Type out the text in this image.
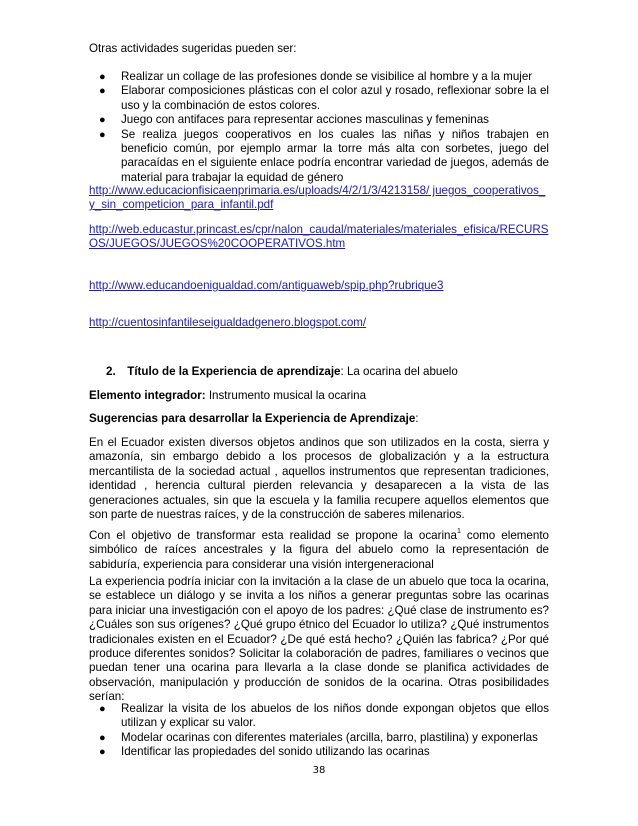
Otras actividades sugeridas pueden ser:

● Realizar un collage de las profesiones donde se visibilice al hombre y a la mujer
● Elaborar composiciones plásticas con el color azul y rosado, reflexionar sobre la el uso y la combinación de estos colores.
● Juego con antifaces para representar acciones masculinas y femeninas
● Se realiza juegos cooperativos en los cuales las niñas y niños trabajen en beneficio común, por ejemplo armar la torre más alta con sorbetes, juego del paracaídas en el siguiente enlace podría encontrar variedad de juegos, además de material para trabajar la equidad de género
http://www.educacionfisicaenprimaria.es/uploads/4/2/1/3/4213158/ juegos_cooperativos_y_sin_competicion_para_infantil.pdf
http://web.educastur.princast.es/cpr/nalon_caudal/materiales/materiales_efisica/RECURSOS/JUEGOS/JUEGOS%20COOPERATIVOS.htm
http://www.educandoenigualdad.com/antiguaweb/spip.php?rubrique3
http://cuentosinfantileseigualdadgenero.blogspot.com/
2. Título de la Experiencia de aprendizaje: La ocarina del abuelo

Elemento integrador: Instrumento musical la ocarina

Sugerencias para desarrollar la Experiencia de Aprendizaje:

En el Ecuador existen diversos objetos andinos que son utilizados en la costa, sierra y amazonía, sin embargo debido a los procesos de globalización y a la estructura mercantilista de la sociedad actual , aquellos instrumentos que representan tradiciones, identidad , herencia cultural pierden relevancia y desaparecen a la vista de las generaciones actuales, sin que la escuela y la familia recupere aquellos elementos que son parte de nuestras raíces, y de la construcción de saberes milenarios.

Con el objetivo de transformar esta realidad se propone la ocarina$^1$ como elemento simbólico de raíces ancestrales y la figura del abuelo como la representación de sabiduría, experiencia para considerar una visión intergeneracional

La experiencia podría iniciar con la invitación a la clase de un abuelo que toca la ocarina, se establece un diálogo y se invita a los niños a generar preguntas sobre las ocarinas para iniciar una investigación con el apoyo de los padres: ¿Qué clase de instrumento es? ¿Cuáles son sus orígenes? ¿Qué grupo étnico del Ecuador lo utiliza? ¿Qué instrumentos tradicionales existen en el Ecuador? ¿De qué está hecho? ¿Quién las fabrica? ¿Por qué produce diferentes sonidos? Solicitar la colaboración de padres, familiares o vecinos que puedan tener una ocarina para llevarla a la clase donde se planifica actividades de observación, manipulación y producción de sonidos de la ocarina. Otras posibilidades serían:

● Realizar la visita de los abuelos de los niños donde expongan objetos que ellos utilizan y explicar su valor.
● Modelar ocarinas con diferentes materiales (arcilla, barro, plastilina) y exponerlas
● Identificar las propiedades del sonido utilizando las ocarinas
38
